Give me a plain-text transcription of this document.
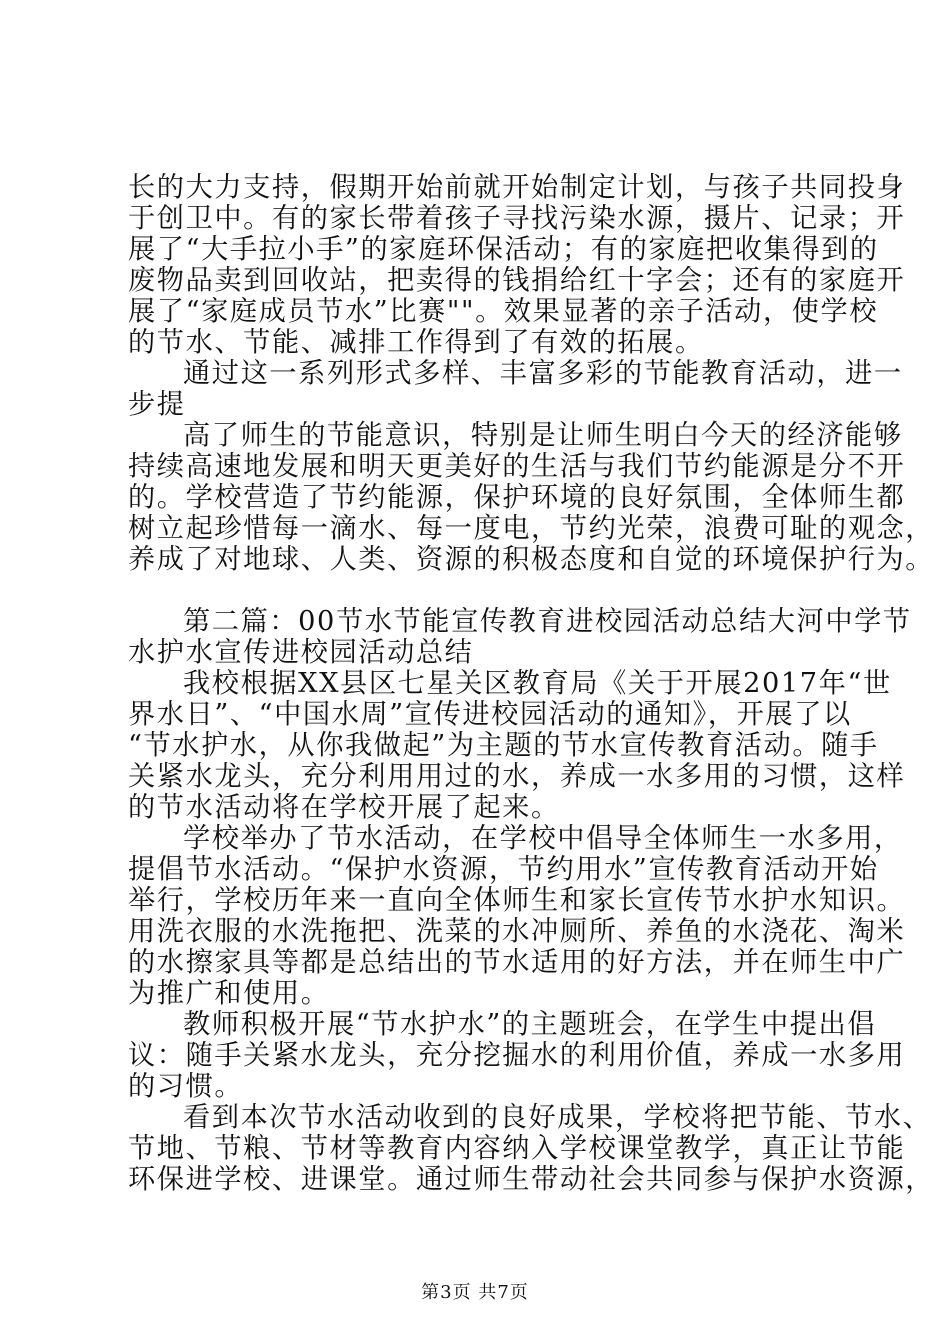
长的大力支持，假期开始前就开始制定计划，与孩子共同投身
于创卫中。有的家长带着孩子寻找污染水源，摄片、记录；开
展了“大手拉小手”的家庭环保活动；有的家庭把收集得到的
废物品卖到回收站，把卖得的钱捐给红十字会；还有的家庭开
展了“家庭成员节水”比赛""。效果显著的亲子活动，使学校
的节水、节能、减排工作得到了有效的拓展。
通过这一系列形式多样、丰富多彩的节能教育活动，进一
步提
高了师生的节能意识，特别是让师生明白今天的经济能够
持续高速地发展和明天更美好的生活与我们节约能源是分不开
的。学校营造了节约能源，保护环境的良好氛围，全体师生都
树立起珍惜每一滴水、每一度电，节约光荣，浪费可耻的观念，
养成了对地球、人类、资源的积极态度和自觉的环境保护行为。
第二篇：00节水节能宣传教育进校园活动总结大河中学节
水护水宣传进校园活动总结
我校根据XX县区七星关区教育局《关于开展2017年“世
界水日”、“中国水周”宣传进校园活动的通知》，开展了以
“节水护水，从你我做起”为主题的节水宣传教育活动。随手
关紧水龙头，充分利用用过的水，养成一水多用的习惯，这样
的节水活动将在学校开展了起来。
学校举办了节水活动，在学校中倡导全体师生一水多用，
提倡节水活动。“保护水资源，节约用水”宣传教育活动开始
举行，学校历年来一直向全体师生和家长宣传节水护水知识。
用洗衣服的水洗拖把、洗菜的水冲厕所、养鱼的水浇花、淘米
的水擦家具等都是总结出的节水适用的好方法，并在师生中广
为推广和使用。
教师积极开展“节水护水”的主题班会，在学生中提出倡
议：随手关紧水龙头，充分挖掘水的利用价值，养成一水多用
的习惯。
看到本次节水活动收到的良好成果，学校将把节能、节水、
节地、节粮、节材等教育内容纳入学校课堂教学，真正让节能
环保进学校、进课堂。通过师生带动社会共同参与保护水资源，
第3页 共7页
